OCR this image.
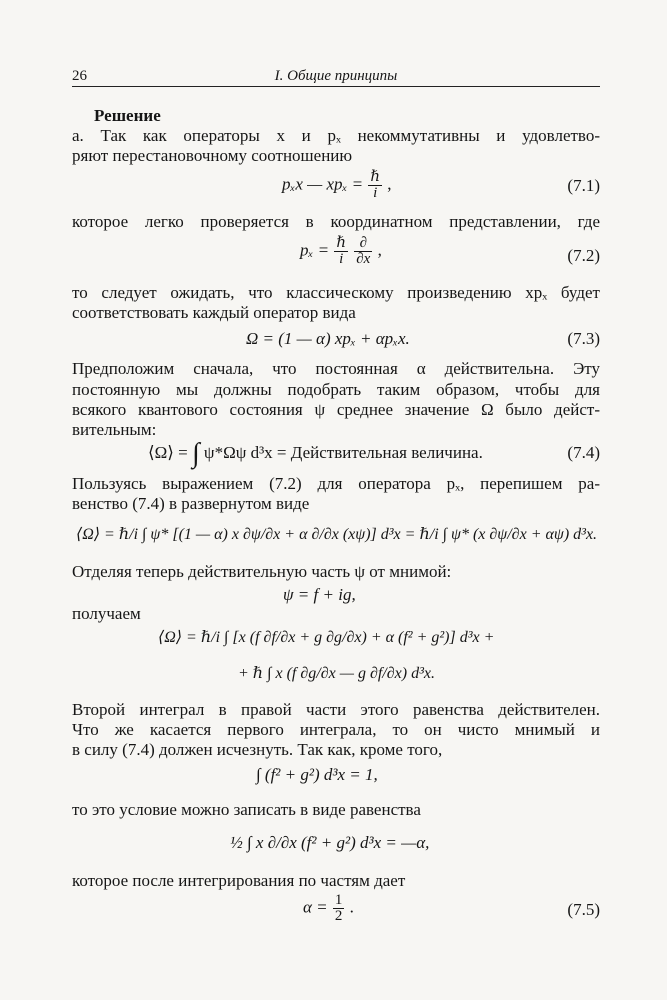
26	I. Общие принципы
Решение
а. Так как операторы x и pₓ некоммутативны и удовлетво-
ряют перестановочному соотношению
pₓx — $xp_x = \frac{\text{ℏ}}{i}$ ,	(7.1)
которое легко проверяется в координатном представлении, где
$p_x = \frac{\text{ℏ}}{i}$
$\frac{\partial}{\partial x}$ ,	(7.2)
то следует ожидать, что классическому произведению xpₓ будет
соответствовать каждый оператор вида
Ω = (1 — α) xpₓ + αpₓx.	(7.3)
Предположим сначала, что постоянная α действительна. Эту
постоянную мы должны подобрать таким образом, чтобы для
всякого квантового состояния ψ среднее значение Ω было дейст-
вительным:
⟨Ω⟩ = ∫ ψ*Ωψ d³x = Действительная величина.	(7.4)
Пользуясь выражением (7.2) для оператора pₓ, перепишем ра-
венство (7.4) в развернутом виде
⟨Ω⟩ = ℏ/i ∫ ψ* [(1 — α) x ∂ψ/∂x + α ∂/∂x (xψ)] d³x = ℏ/i ∫ ψ* (x ∂ψ/∂x + αψ) d³x.
Отделяя теперь действительную часть ψ от мнимой:
ψ = f + ig,
получаем
⟨Ω⟩ = ℏ/i ∫ [x (f ∂f/∂x + g ∂g/∂x) + α (f² + g²)] d³x +
+ ℏ ∫ x (f ∂g/∂x — g ∂f/∂x) d³x.
Второй интеграл в правой части этого равенства действителен.
Что же касается первого интеграла, то он чисто мнимый и
в силу (7.4) должен исчезнуть. Так как, кроме того,
∫ (f² + g²) d³x = 1,
то это условие можно записать в виде равенства
½ ∫ x ∂/∂x (f² + g²) d³x = —α,
которое после интегрирования по частям дает
$\alpha = \frac{1}{2}$ .	(7.5)
